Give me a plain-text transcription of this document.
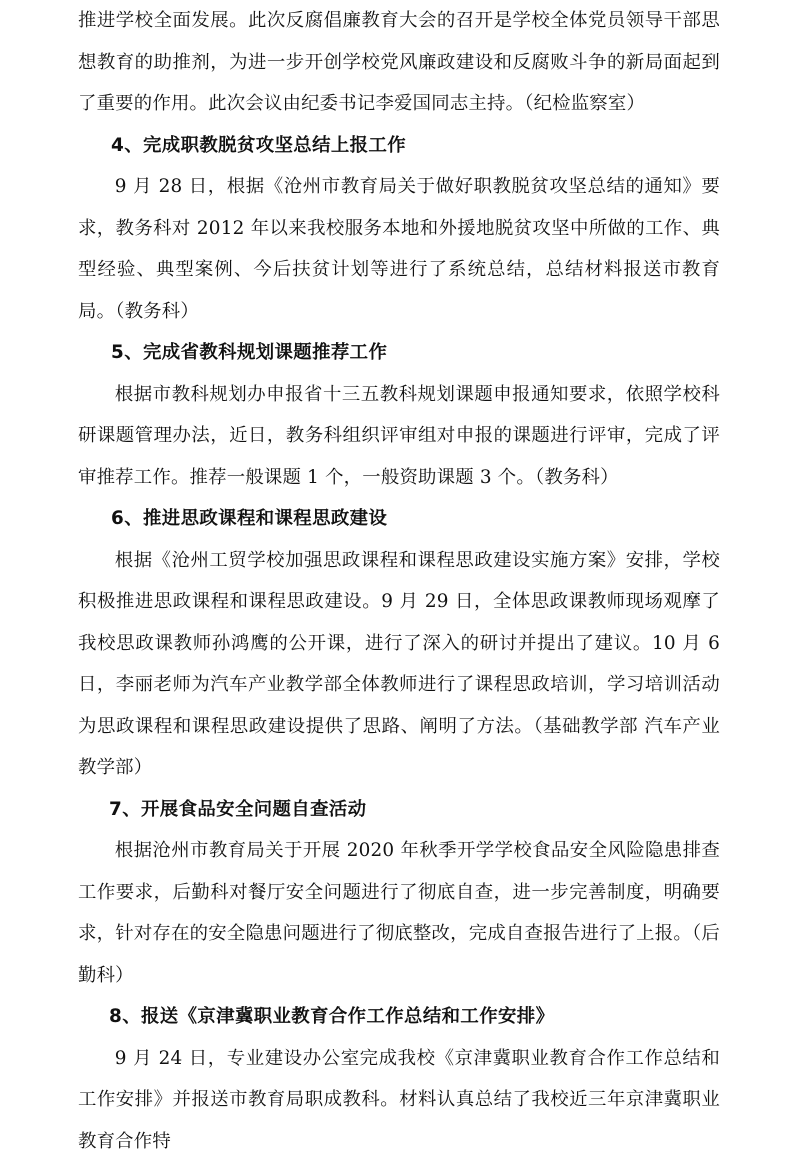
推进学校全面发展。此次反腐倡廉教育大会的召开是学校全体党员领导干部思想教育的助推剂，为进一步开创学校党风廉政建设和反腐败斗争的新局面起到了重要的作用。此次会议由纪委书记李爱国同志主持。（纪检监察室）

4、完成职教脱贫攻坚总结上报工作

9 月 28 日，根据《沧州市教育局关于做好职教脱贫攻坚总结的通知》要求，教务科对 2012 年以来我校服务本地和外援地脱贫攻坚中所做的工作、典型经验、典型案例、今后扶贫计划等进行了系统总结，总结材料报送市教育局。（教务科）

5、完成省教科规划课题推荐工作

根据市教科规划办申报省十三五教科规划课题申报通知要求，依照学校科研课题管理办法，近日，教务科组织评审组对申报的课题进行评审，完成了评审推荐工作。推荐一般课题 1 个，一般资助课题 3 个。（教务科）

6、推进思政课程和课程思政建设

根据《沧州工贸学校加强思政课程和课程思政建设实施方案》安排，学校积极推进思政课程和课程思政建设。9 月 29 日，全体思政课教师现场观摩了我校思政课教师孙鸿鹰的公开课，进行了深入的研讨并提出了建议。10 月 6 日，李丽老师为汽车产业教学部全体教师进行了课程思政培训，学习培训活动为思政课程和课程思政建设提供了思路、阐明了方法。（基础教学部 汽车产业教学部）

7、开展食品安全问题自查活动

根据沧州市教育局关于开展 2020 年秋季开学学校食品安全风险隐患排查工作要求，后勤科对餐厅安全问题进行了彻底自查，进一步完善制度，明确要求，针对存在的安全隐患问题进行了彻底整改，完成自查报告进行了上报。（后勤科）

8、报送《京津冀职业教育合作工作总结和工作安排》

9 月 24 日，专业建设办公室完成我校《京津冀职业教育合作工作总结和工作安排》并报送市教育局职成教科。材料认真总结了我校近三年京津冀职业教育合作特
